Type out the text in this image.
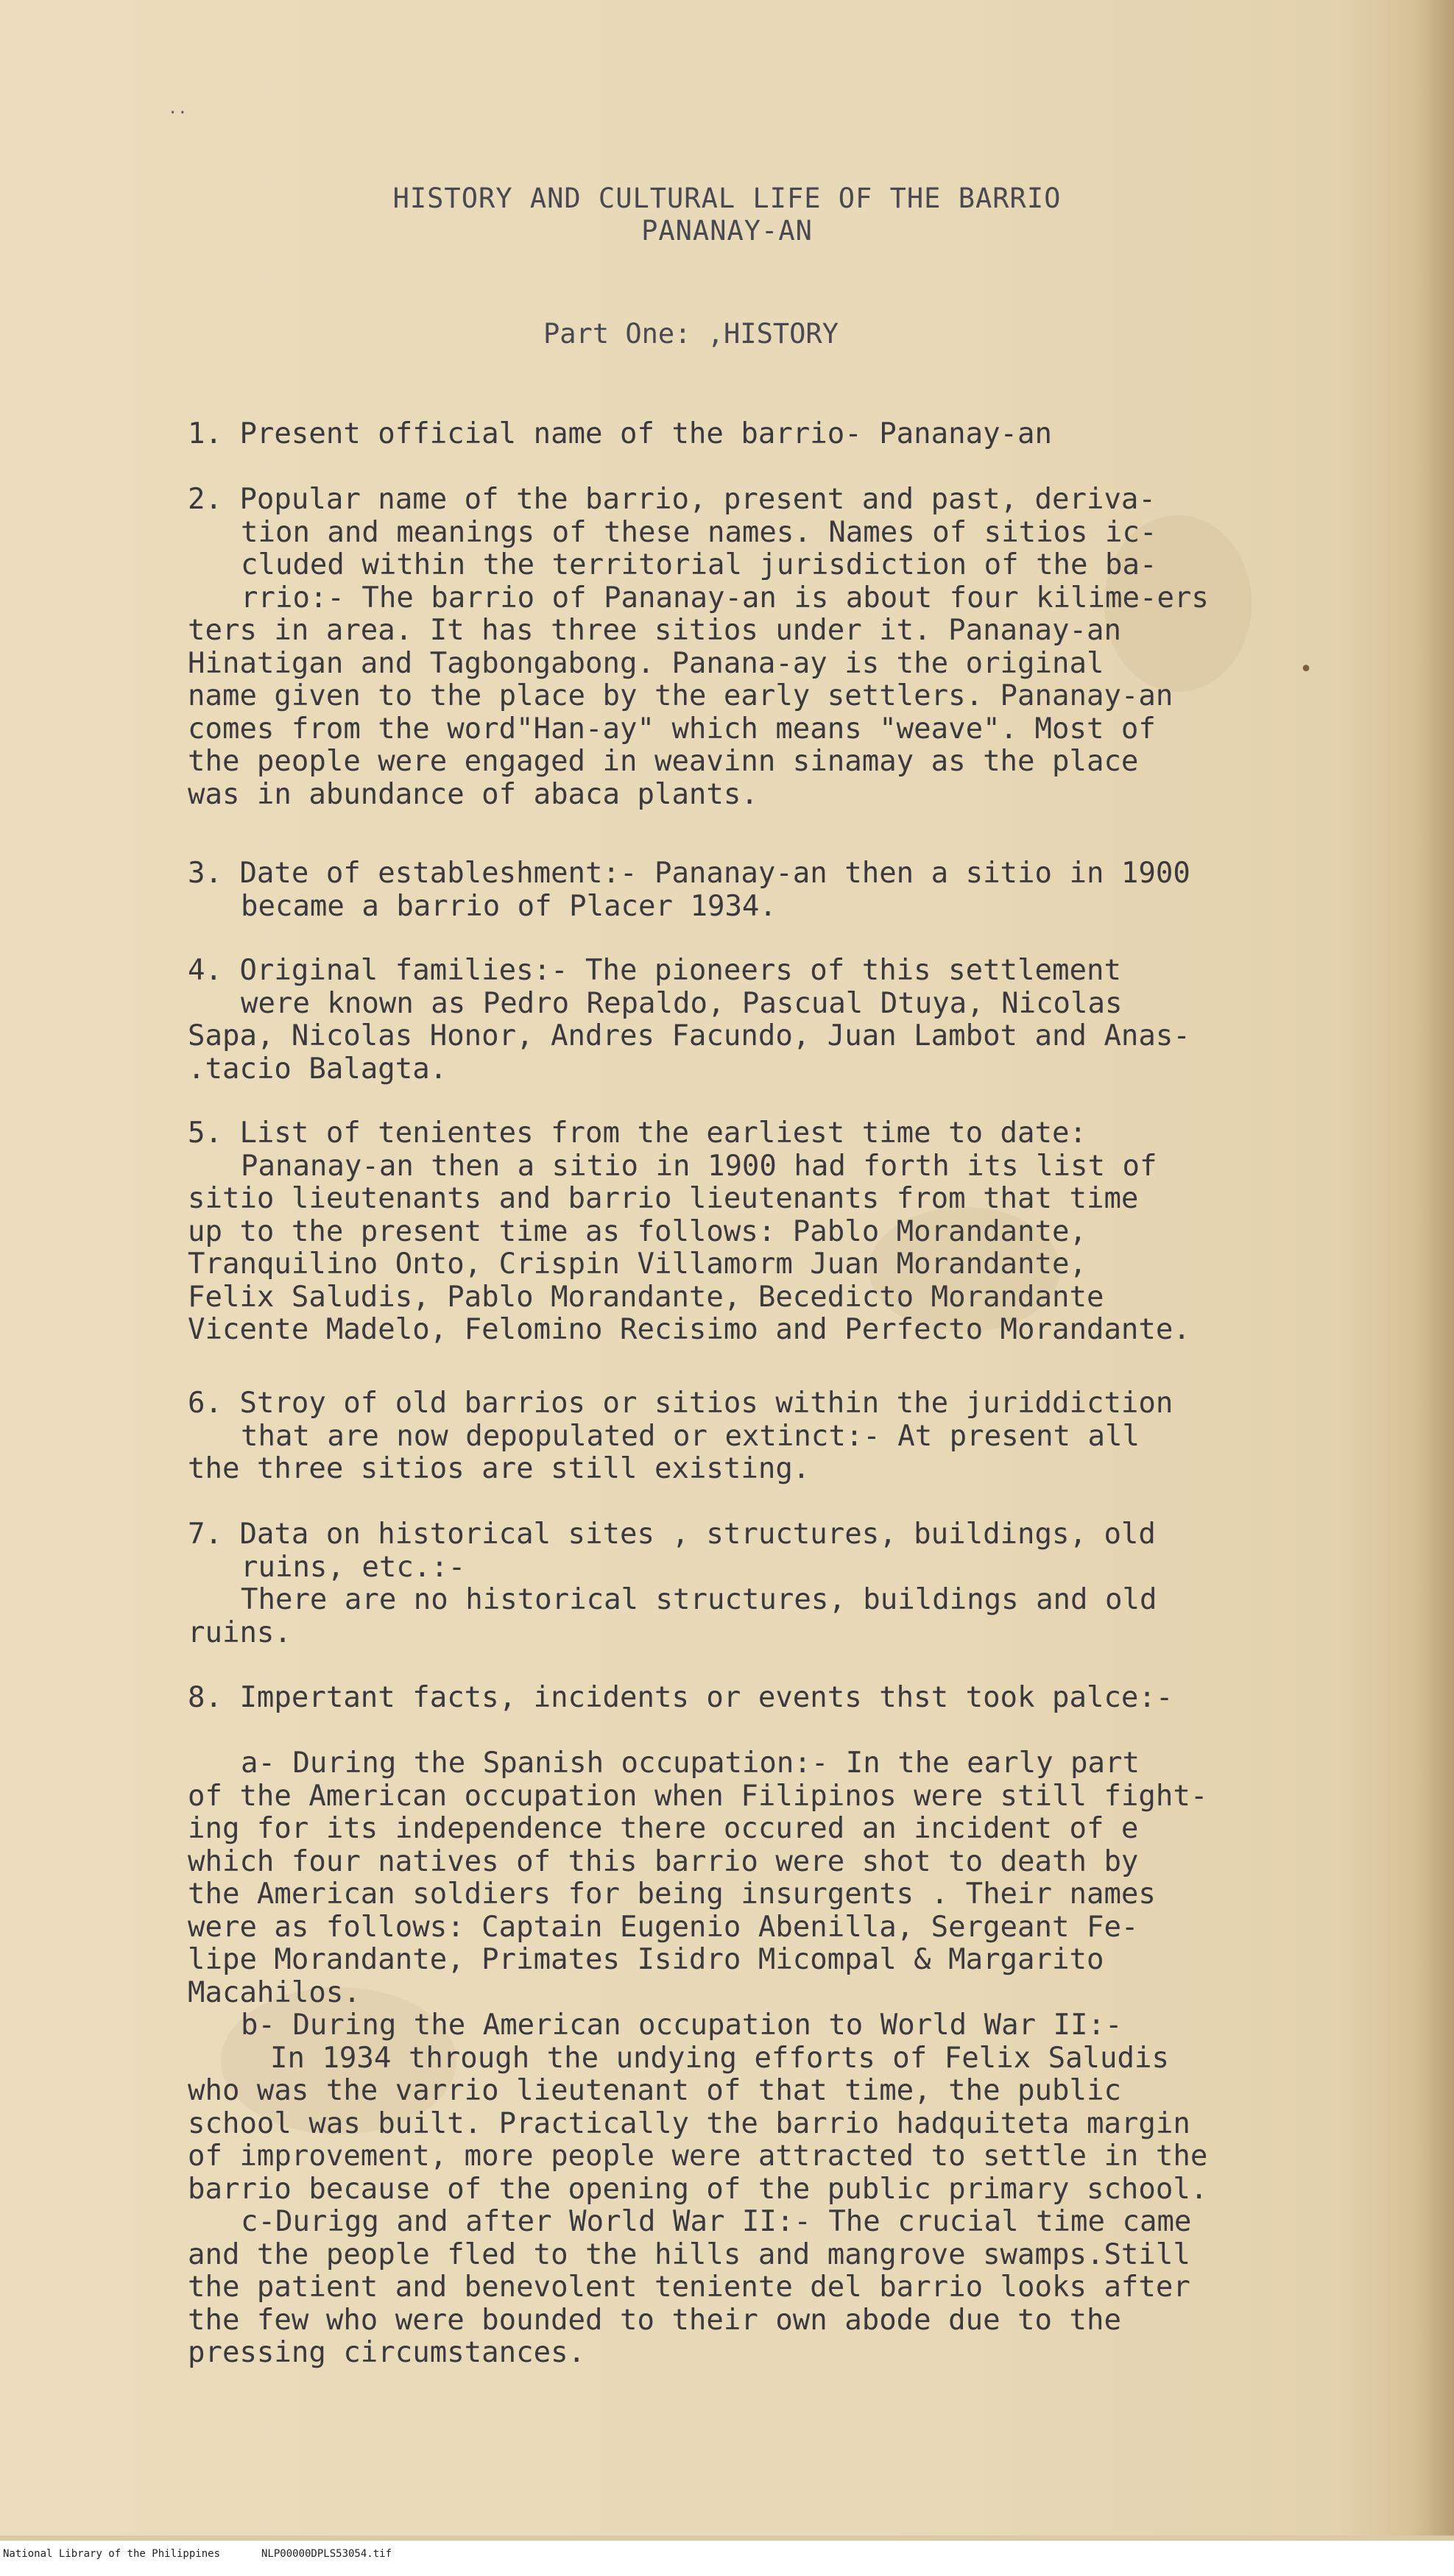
..
HISTORY AND CULTURAL LIFE OF THE BARRIO
PANANAY-AN
Part One: ,HISTORY

1. Present official name of the barrio- Pananay-an

2. Popular name of the barrio, present and past, deriva-

tion and meanings of these names. Names of sitios ic-

cluded within the territorial jurisdiction of the ba-

rrio:- The barrio of Pananay-an is about four kilime-ers

ters in area. It has three sitios under it. Pananay-an

Hinatigan and Tagbongabong. Panana-ay is the original

name given to the place by the early settlers. Pananay-an

comes from the word"Han-ay" which means "weave". Most of

the people were engaged in weavinn sinamay as the place

was in abundance of abaca plants.

•

3. Date of estableshment:- Pananay-an then a sitio in 1900

became a barrio of Placer 1934.

4. Original families:- The pioneers of this settlement

were known as Pedro Repaldo, Pascual Dtuya, Nicolas

Sapa, Nicolas Honor, Andres Facundo, Juan Lambot and Anas-

.tacio Balagta.

5. List of tenientes from the earliest time to date:

Pananay-an then a sitio in 1900 had forth its list of

sitio lieutenants and barrio lieutenants from that time

up to the present time as follows: Pablo Morandante,

Tranquilino Onto, Crispin Villamorm Juan Morandante,

Felix Saludis, Pablo Morandante, Becedicto Morandante

Vicente Madelo, Felomino Recisimo and Perfecto Morandante.

6. Stroy of old barrios or sitios within the juriddiction

that are now depopulated or extinct:- At present all

the three sitios are still existing.

7. Data on historical sites , structures, buildings, old

ruins, etc.:-

There are no historical structures, buildings and old

ruins.

8. Impertant facts, incidents or events thst took palce:-

a- During the Spanish occupation:- In the early part

of the American occupation when Filipinos were still fight-

ing for its independence there occured an incident of e

which four natives of this barrio were shot to death by

the American soldiers for being insurgents . Their names

were as follows: Captain Eugenio Abenilla, Sergeant Fe-

lipe Morandante, Primates Isidro Micompal & Margarito

Macahilos.

b- During the American occupation to World War II:-

In 1934 through the undying efforts of Felix Saludis

who was the varrio lieutenant of that time, the public

school was built. Practically the barrio hadquiteta margin

of improvement, more people were attracted to settle in the

barrio because of the opening of the public primary school.

c-Durigg and after World War II:- The crucial time came

and the people fled to the hills and mangrove swamps.Still

the patient and benevolent teniente del barrio looks after

the few who were bounded to their own abode due to the

pressing circumstances.

National Library of the Philippines	NLP00000DPLS53054.tif
